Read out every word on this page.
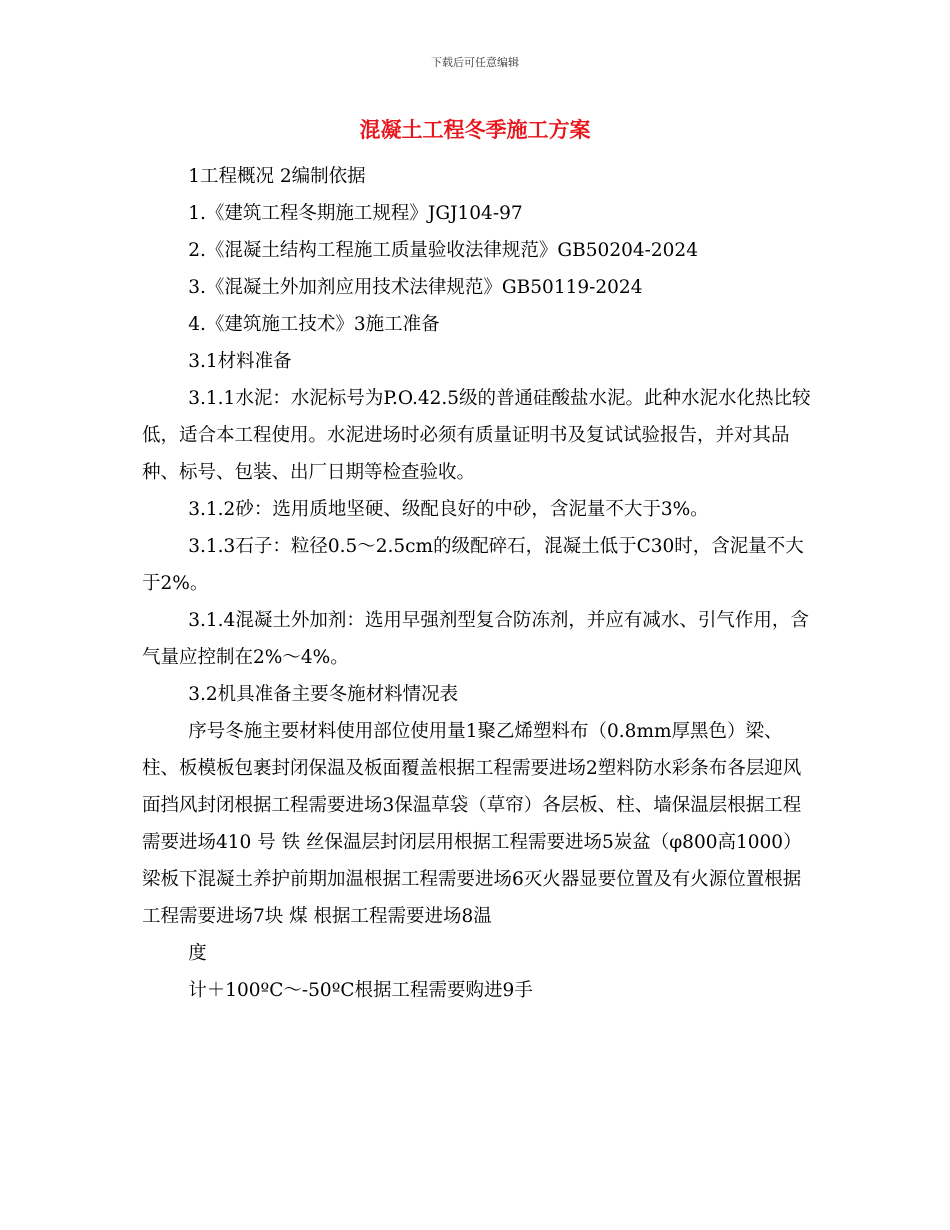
下载后可任意编辑
混凝土工程冬季施工方案

1工程概况 2编制依据

1.《建筑工程冬期施工规程》JGJ104-97

2.《混凝土结构工程施工质量验收法律规范》GB50204-2024

3.《混凝土外加剂应用技术法律规范》GB50119-2024

4.《建筑施工技术》3施工准备

3.1材料准备

3.1.1水泥：水泥标号为P.O.42.5级的普通硅酸盐水泥。此种水泥水化热比较低，适合本工程使用。水泥进场时必须有质量证明书及复试试验报告，并对其品种、标号、包装、出厂日期等检查验收。

3.1.2砂：选用质地坚硬、级配良好的中砂，含泥量不大于3%。

3.1.3石子：粒径0.5～2.5cm的级配碎石，混凝土低于C30时，含泥量不大于2%。

3.1.4混凝土外加剂：选用早强剂型复合防冻剂，并应有减水、引气作用，含气量应控制在2%～4%。

3.2机具准备主要冬施材料情况表

序号冬施主要材料使用部位使用量1聚乙烯塑料布（0.8mm厚黑色）梁、柱、板模板包裹封闭保温及板面覆盖根据工程需要进场2塑料防水彩条布各层迎风面挡风封闭根据工程需要进场3保温草袋（草帘）各层板、柱、墙保温层根据工程需要进场410 号 铁 丝保温层封闭层用根据工程需要进场5炭盆（φ800高1000）梁板下混凝土养护前期加温根据工程需要进场6灭火器显要位置及有火源位置根据工程需要进场7块 煤 根据工程需要进场8温

度

计＋100ºC～-50ºC根据工程需要购进9手
